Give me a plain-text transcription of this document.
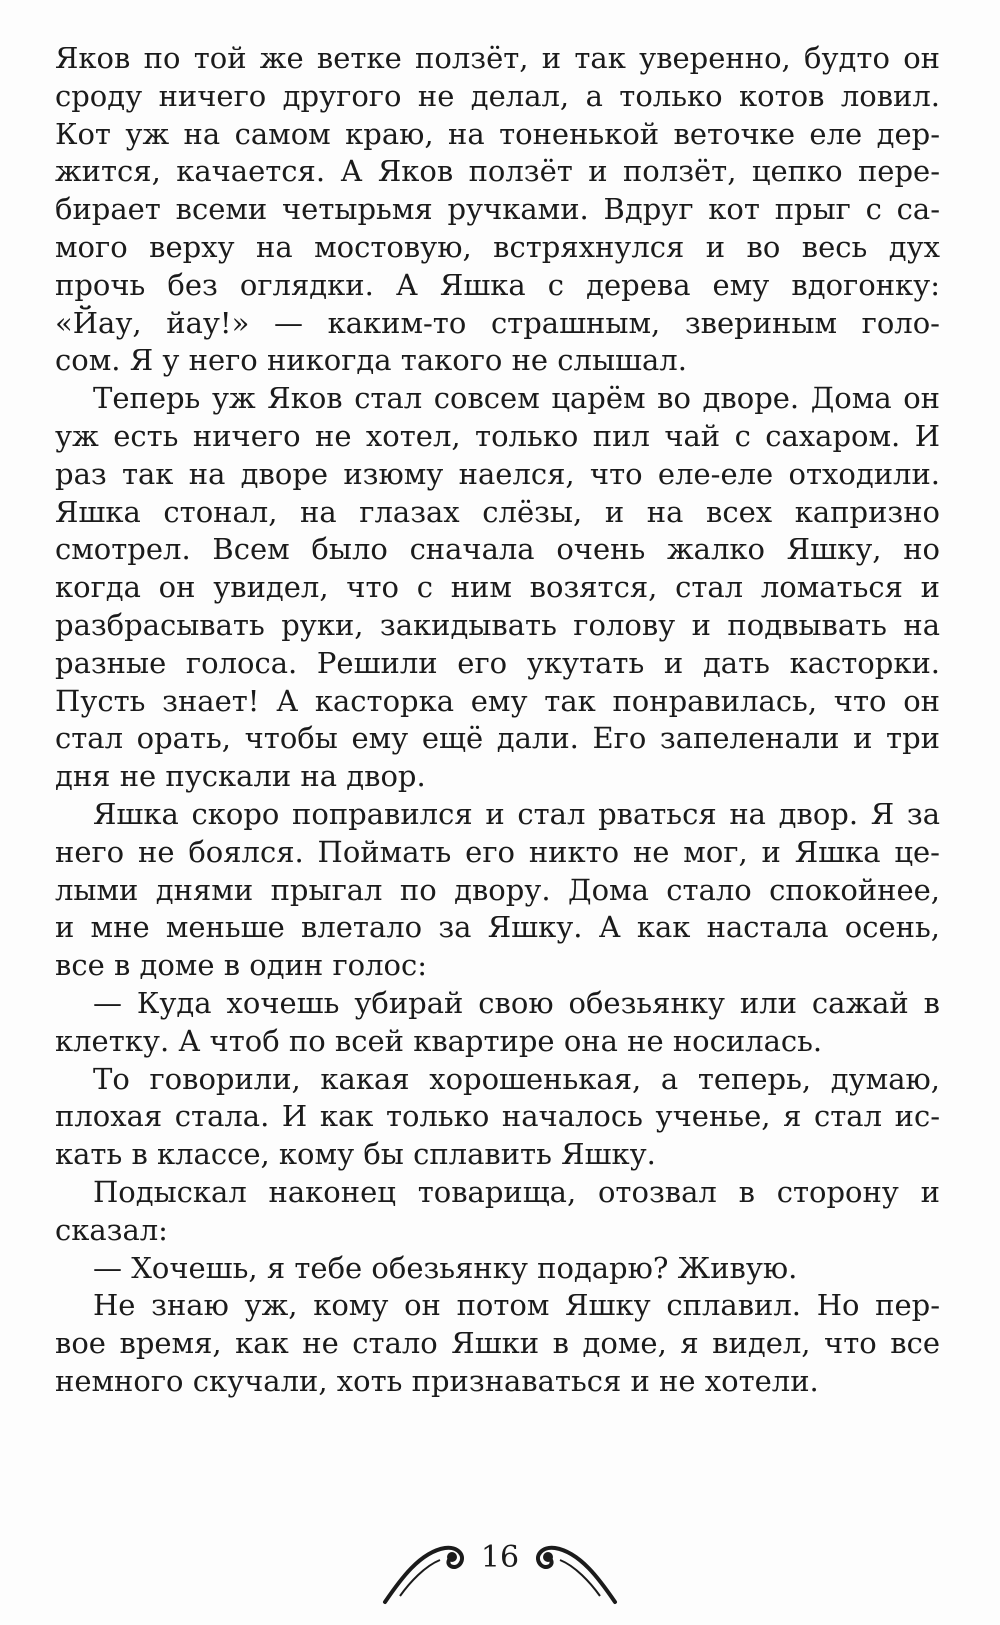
Яков по той же ветке ползёт, и так уверенно, будто он
сроду ничего другого не делал, а только котов ловил.
Кот уж на самом краю, на тоненькой веточке еле дер-
жится, качается. А Яков ползёт и ползёт, цепко пере-
бирает всеми четырьмя ручками. Вдруг кот прыг с са-
мого верху на мостовую, встряхнулся и во весь дух
прочь без оглядки. А Яшка с дерева ему вдогонку:
«Йау, йау!» — каким-то страшным, звериным голо-
сом. Я у него никогда такого не слышал.
Теперь уж Яков стал совсем царём во дворе. Дома он
уж есть ничего не хотел, только пил чай с сахаром. И
раз так на дворе изюму наелся, что еле-еле отходили.
Яшка стонал, на глазах слёзы, и на всех капризно
смотрел. Всем было сначала очень жалко Яшку, но
когда он увидел, что с ним возятся, стал ломаться и
разбрасывать руки, закидывать голову и подвывать на
разные голоса. Решили его укутать и дать касторки.
Пусть знает! А касторка ему так понравилась, что он
стал орать, чтобы ему ещё дали. Его запеленали и три
дня не пускали на двор.
Яшка скоро поправился и стал рваться на двор. Я за
него не боялся. Поймать его никто не мог, и Яшка це-
лыми днями прыгал по двору. Дома стало спокойнее,
и мне меньше влетало за Яшку. А как настала осень,
все в доме в один голос:
— Куда хочешь убирай свою обезьянку или сажай в
клетку. А чтоб по всей квартире она не носилась.
То говорили, какая хорошенькая, а теперь, думаю,
плохая стала. И как только началось ученье, я стал ис-
кать в классе, кому бы сплавить Яшку.
Подыскал наконец товарища, отозвал в сторону и
сказал:
— Хочешь, я тебе обезьянку подарю? Живую.
Не знаю уж, кому он потом Яшку сплавил. Но пер-
вое время, как не стало Яшки в доме, я видел, что все
немного скучали, хоть признаваться и не хотели.
16
